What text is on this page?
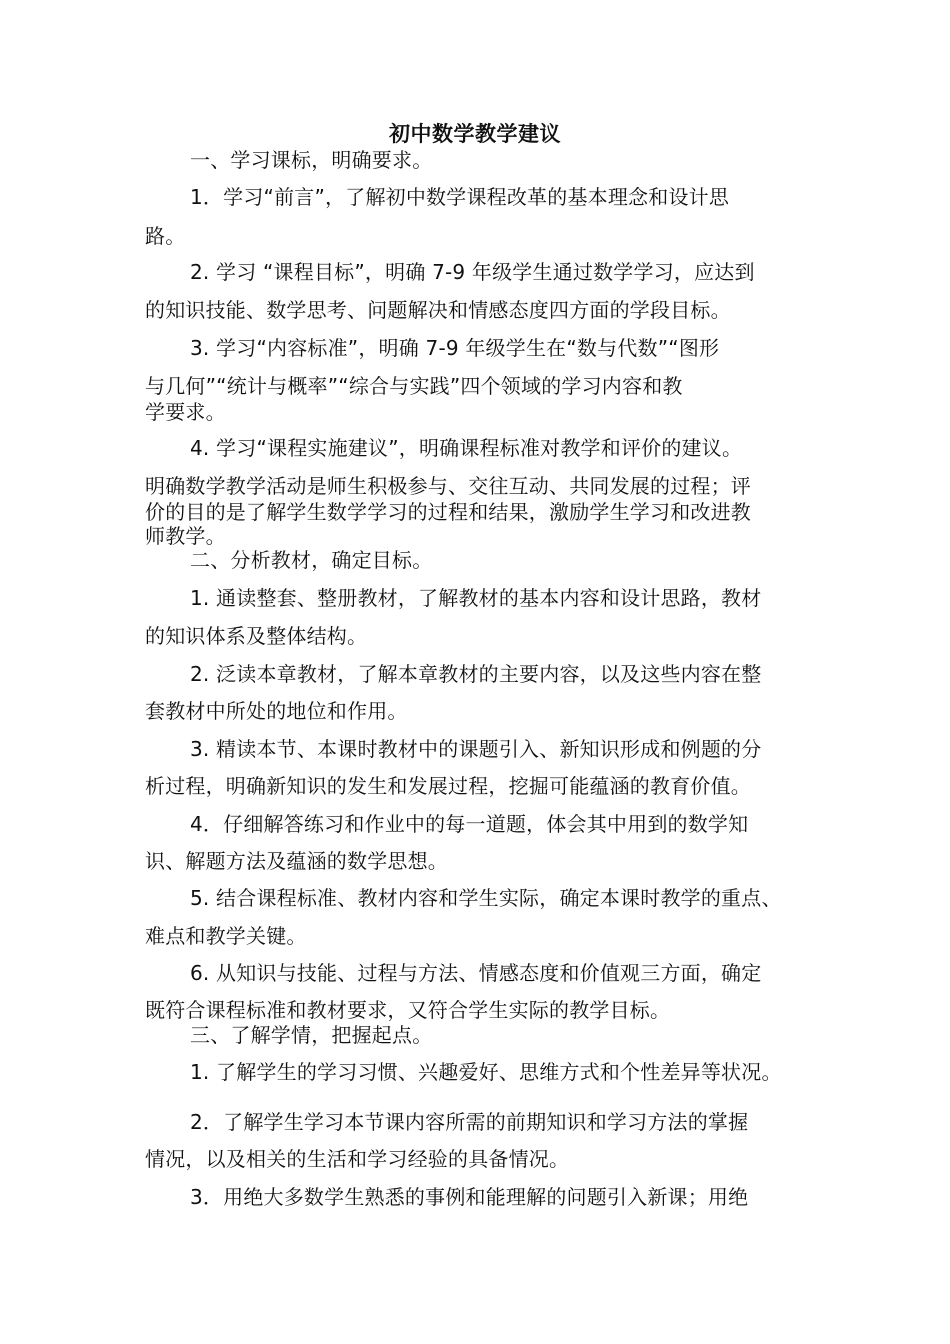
初中数学教学建议
一、学习课标，明确要求。
1．学习“前言”，了解初中数学课程改革的基本理念和设计思
路。
2. 学习 “课程目标”，明确 7-9 年级学生通过数学学习，应达到
的知识技能、数学思考、问题解决和情感态度四方面的学段目标。
3. 学习“内容标准”，明确 7-9 年级学生在“数与代数”“图形
与几何”“统计与概率”“综合与实践”四个领域的学习内容和教
学要求。
4. 学习“课程实施建议”，明确课程标准对教学和评价的建议。
明确数学教学活动是师生积极参与、交往互动、共同发展的过程；评
价的目的是了解学生数学学习的过程和结果，激励学生学习和改进教
师教学。
二、分析教材，确定目标。
1. 通读整套、整册教材，了解教材的基本内容和设计思路，教材
的知识体系及整体结构。
2. 泛读本章教材，了解本章教材的主要内容，以及这些内容在整
套教材中所处的地位和作用。
3. 精读本节、本课时教材中的课题引入、新知识形成和例题的分
析过程，明确新知识的发生和发展过程，挖掘可能蕴涵的教育价值。
4．仔细解答练习和作业中的每一道题，体会其中用到的数学知
识、解题方法及蕴涵的数学思想。
5. 结合课程标准、教材内容和学生实际，确定本课时教学的重点、
难点和教学关键。
6. 从知识与技能、过程与方法、情感态度和价值观三方面，确定
既符合课程标准和教材要求，又符合学生实际的教学目标。
三、了解学情，把握起点。
1. 了解学生的学习习惯、兴趣爱好、思维方式和个性差异等状况。
2．了解学生学习本节课内容所需的前期知识和学习方法的掌握
情况，以及相关的生活和学习经验的具备情况。
3．用绝大多数学生熟悉的事例和能理解的问题引入新课；用绝
